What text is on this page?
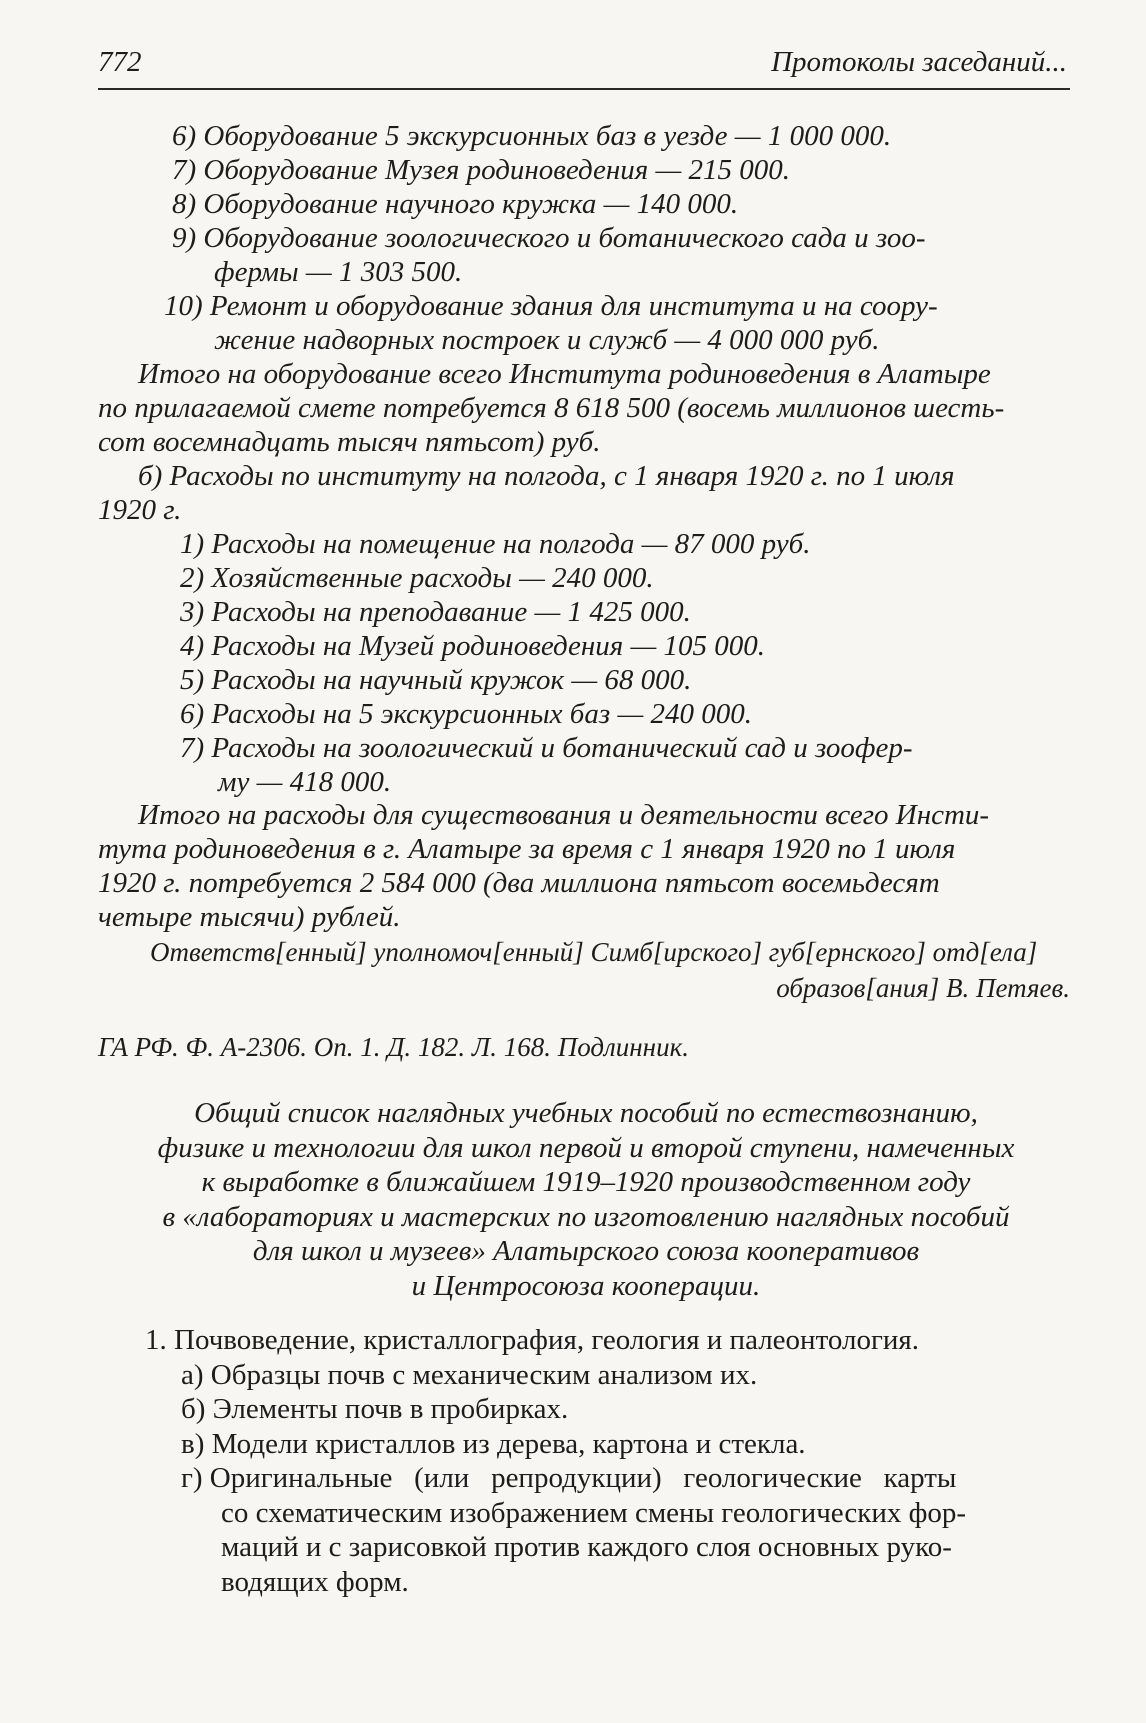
772	Протоколы заседаний...
6) Оборудование 5 экскурсионных баз в уезде — 1 000 000.
7) Оборудование Музея родиноведения — 215 000.
8) Оборудование научного кружка — 140 000.
9) Оборудование зоологического и ботанического сада и зоо-
фермы — 1 303 500.
10) Ремонт и оборудование здания для института и на соору-
жение надворных построек и служб — 4 000 000 руб.
Итого на оборудование всего Института родиноведения в Алатыре
по прилагаемой смете потребуется 8 618 500 (восемь миллионов шесть-
сот восемнадцать тысяч пятьсот) руб.
б) Расходы по институту на полгода, с 1 января 1920 г. по 1 июля
1920 г.
1) Расходы на помещение на полгода — 87 000 руб.
2) Хозяйственные расходы — 240 000.
3) Расходы на преподавание — 1 425 000.
4) Расходы на Музей родиноведения — 105 000.
5) Расходы на научный кружок — 68 000.
6) Расходы на 5 экскурсионных баз — 240 000.
7) Расходы на зоологический и ботанический сад и зоофер-
му — 418 000.
Итого на расходы для существования и деятельности всего Инсти-
тута родиноведения в г. Алатыре за время с 1 января 1920 по 1 июля
1920 г. потребуется 2 584 000 (два миллиона пятьсот восемьдесят
четыре тысячи) рублей.
Ответств[енный] уполномоч[енный] Симб[ирского] губ[ернского] отд[ела]
образов[ания] В. Петяев.
ГА РФ. Ф. А-2306. Оп. 1. Д. 182. Л. 168. Подлинник.
Общий список наглядных учебных пособий по естествознанию,
физике и технологии для школ первой и второй ступени, намеченных
к выработке в ближайшем 1919–1920 производственном году
в «лабораториях и мастерских по изготовлению наглядных пособий
для школ и музеев» Алатырского союза кооперативов
и Центросоюза кооперации.
1. Почвоведение, кристаллография, геология и палеонтология.
а) Образцы почв с механическим анализом их.
б) Элементы почв в пробирках.
в) Модели кристаллов из дерева, картона и стекла.
г) Оригинальные   (или   репродукции)   геологические   карты
со схематическим изображением смены геологических фор-
маций и с зарисовкой против каждого слоя основных руко-
водящих форм.
